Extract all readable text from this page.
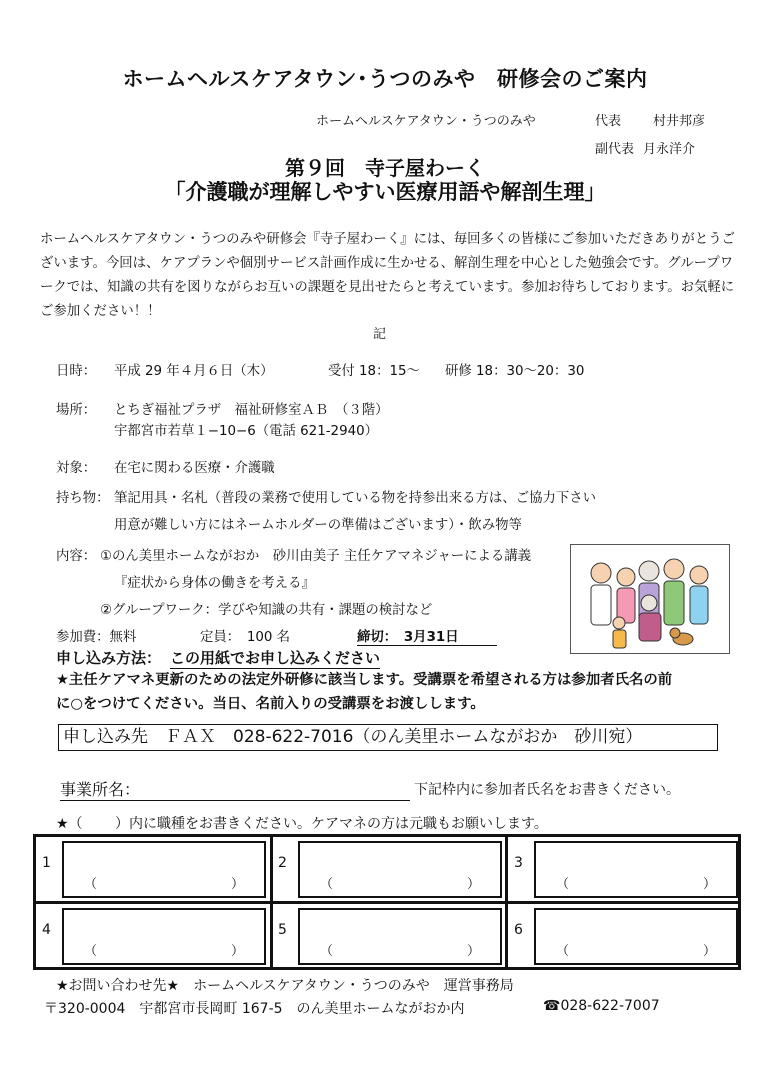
ホームヘルスケアタウン･うつのみや　研修会のご案内
ホームヘルスケアタウン・うつのみや	代表 村井邦彦
副代表 月永洋介
第９回　寺子屋わーく
「介護職が理解しやすい医療用語や解剖生理」
ホームヘルスケアタウン・うつのみや研修会『寺子屋わーく』には、毎回多くの皆様にご参加いただきありがとうございます。今回は、ケアプランや個別サービス計画作成に生かせる、解剖生理を中心とした勉強会です。グループワークでは、知識の共有を図りながらお互いの課題を見出せたらと考えています。参加お待ちしております。お気軽にご参加ください！！
記
日時： 平成 29 年４月６日（木）	受付 18：15～ 研修 18：30～20：30
場所： とちぎ福祉プラザ　福祉研修室ＡＢ　（３階）
宇都宮市若草１−10−6（電話 621-2940）
対象： 在宅に関わる医療・介護職
持ち物： 筆記用具・名札（普段の業務で使用している物を持参出来る方は、ご協力下さい
用意が難しい方にはネームホルダーの準備はございます）・飲み物等
内容： ①のん美里ホームながおか　砂川由美子 主任ケアマネジャーによる講義
『症状から身体の働きを考える』
②グループワーク：学びや知識の共有・課題の検討など
参加費：無料	定員：　100 名	締切：　3月31日
申し込み方法： この用紙でお申し込みください
★主任ケアマネ更新のための法定外研修に該当します。受講票を希望される方は参加者氏名の前
に○をつけてください。当日、名前入りの受講票をお渡しします。
申し込み先　ＦＡＸ　028-622-7016（のん美里ホームながおか　砂川宛）
事業所名：	下記枠内に参加者氏名をお書きください。
★（　　 ）内に職種をお書きください。ケアマネの方は元職もお願いします。
1
（	）
2
（	）
3
（	）
4
（	）
5
（	）
6
（	）
★お問い合わせ先★　ホームヘルスケアタウン・うつのみや　運営事務局
〒320-0004　宇都宮市長岡町 167-5　のん美里ホームながおか内	☎028-622-7007
